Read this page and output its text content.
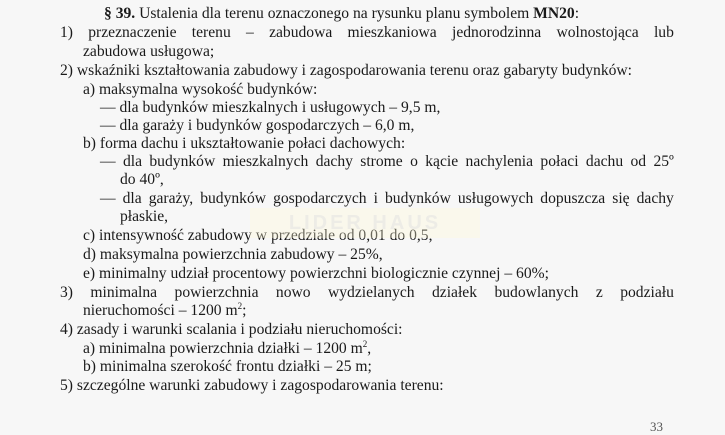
§ 39. Ustalenia dla terenu oznaczonego na rysunku planu symbolem MN20:
1) przeznaczenie terenu – zabudowa mieszkaniowa jednorodzinna wolnostojąca lub
zabudowa usługowa;
2) wskaźniki kształtowania zabudowy i zagospodarowania terenu oraz gabaryty budynków:
a) maksymalna wysokość budynków:
— dla budynków mieszkalnych i usługowych – 9,5 m,
— dla garaży i budynków gospodarczych – 6,0 m,
b) forma dachu i ukształtowanie połaci dachowych:
— dla budynków mieszkalnych dachy strome o kącie nachylenia połaci dachu od 25º
do 40º,
— dla garaży, budynków gospodarczych i budynków usługowych dopuszcza się dachy
płaskie,
c) intensywność zabudowy w przedziale od 0,01 do 0,5,
d) maksymalna powierzchnia zabudowy – 25%,
e) minimalny udział procentowy powierzchni biologicznie czynnej – 60%;
3) minimalna powierzchnia nowo wydzielanych działek budowlanych z podziału
nieruchomości – 1200 $m^2$;
4) zasady i warunki scalania i podziału nieruchomości:
a) minimalna powierzchnia działki – 1200 $m^2$,
b) minimalna szerokość frontu działki – 25 m;
5) szczególne warunki zabudowy i zagospodarowania terenu:
LIDER HAUS
33
